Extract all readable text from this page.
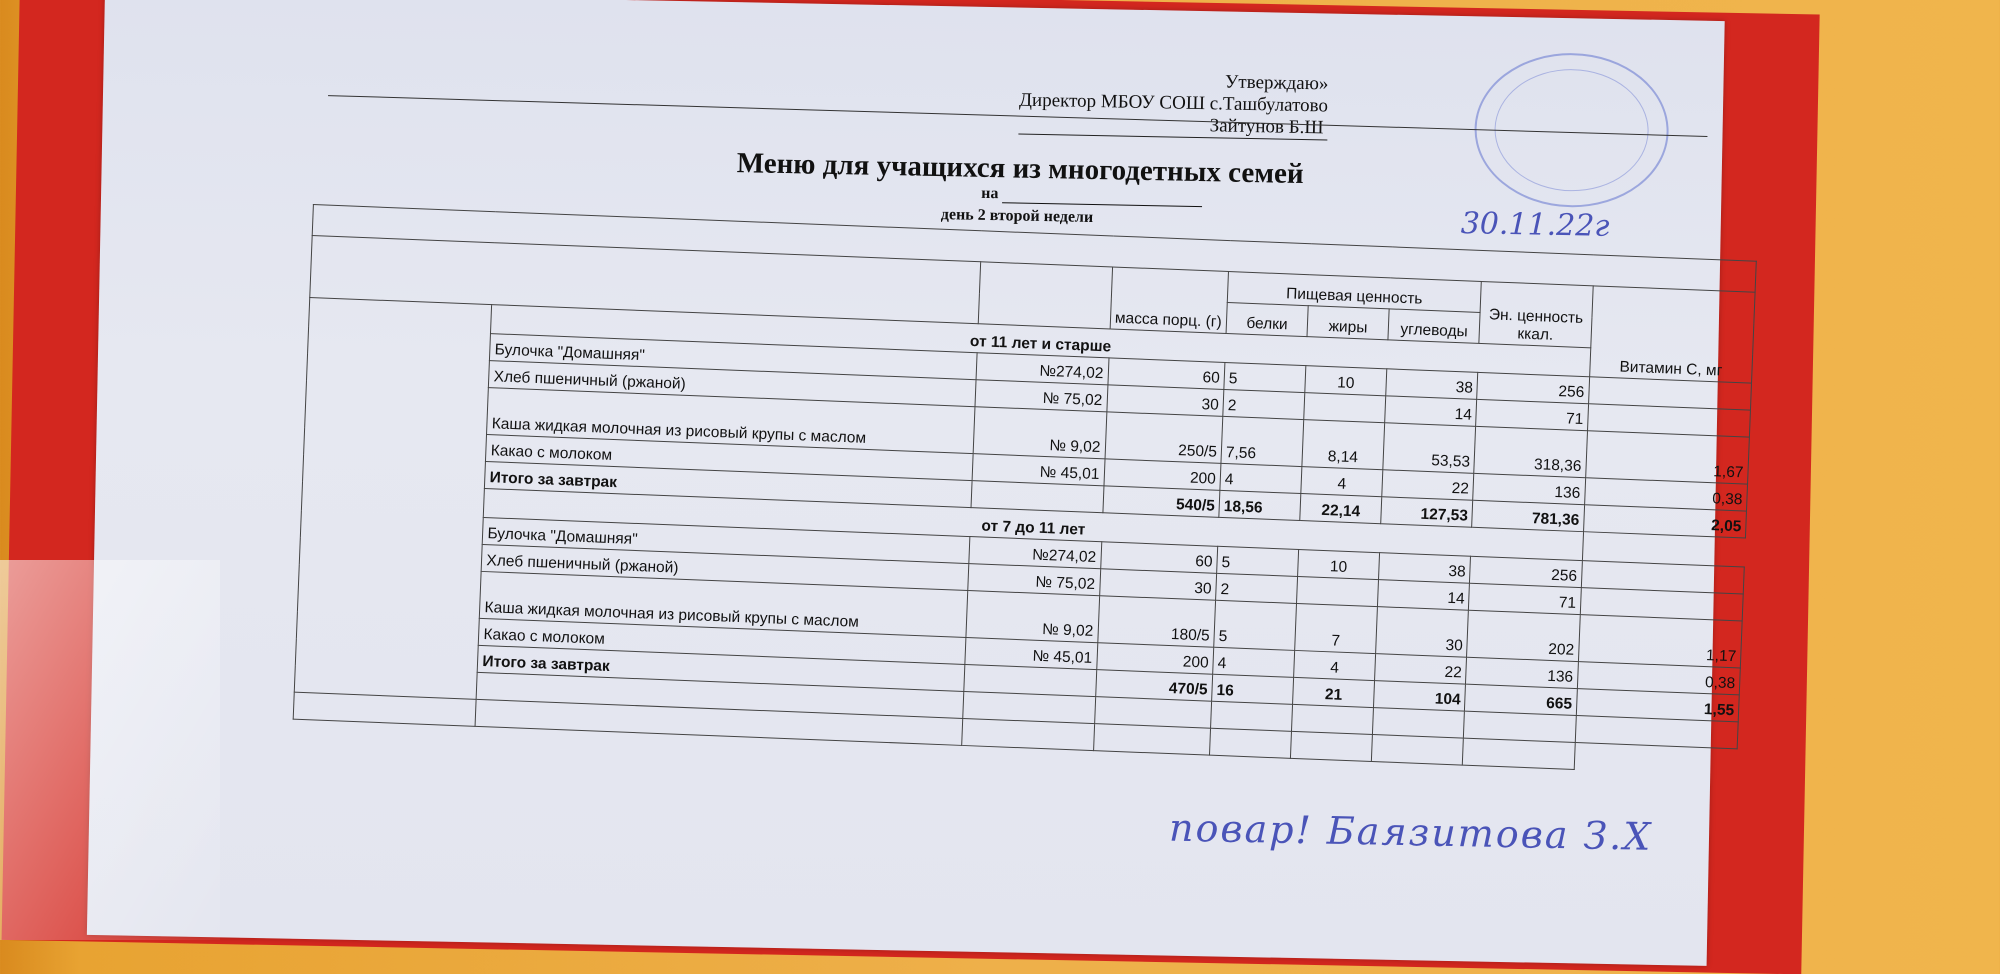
Утверждаю»
Директор МБОУ СОШ с.Ташбулатово
Зайтунов Б.Ш
Меню для учащихся из многодетных семей
на
день 2 второй недели	30.11.22г

			масса порц. (г)	Пищевая ценность			Эн. ценность ккал.	Витамин С, мг
				белки	жиры	углеводы		
	от 11 лет и старше							
	Булочка "Домашняя"	№274,02	60	5	10	38	256	
	Хлеб пшеничный (ржаной)	№ 75,02	30	2		14	71	
	Каша жидкая молочная из рисовый крупы с маслом	№ 9,02	250/5	7,56	8,14	53,53	318,36	1,67
	Какао с молоком	№ 45,01	200	4	4	22	136	0,38
	Итого за завтрак		540/5	18,56	22,14	127,53	781,36	2,05
	от 7 до 11 лет							
	Булочка "Домашняя"	№274,02	60	5	10	38	256	
	Хлеб пшеничный (ржаной)	№ 75,02	30	2		14	71	
	Каша жидкая молочная из рисовый крупы с маслом	№ 9,02	180/5	5	7	30	202	1,17
	Какао с молоком	№ 45,01	200	4	4	22	136	0,38
	Итого за завтрак		470/5	16	21	104	665	1,55

повар! Баязитова З.Х
